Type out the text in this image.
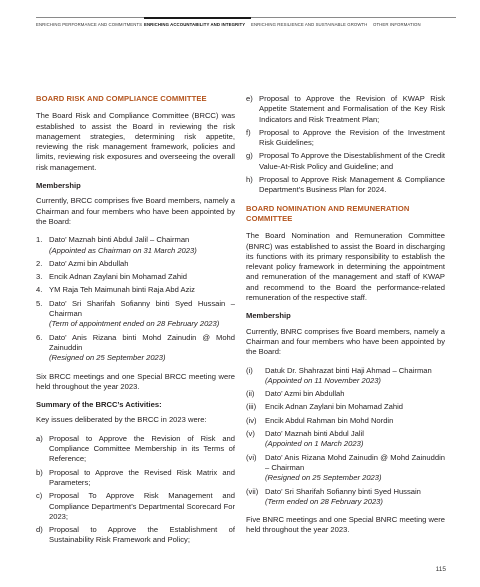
ENRICHING PERFORMANCE AND COMMITMENTS ENRICHING ACCOUNTABILITY AND INTEGRITY	ENRICHING RESILIENCE AND SUSTAINABLE GROWTH	OTHER INFORMATION
BOARD RISK AND COMPLIANCE COMMITTEE
The Board Risk and Compliance Committee (BRCC) was established to assist the Board in reviewing the risk management strategies, determining risk appetite, reviewing the risk management framework, policies and limits, reviewing risk exposures and overseeing the overall risk management.
Membership
Currently, BRCC comprises five Board members, namely a Chairman and four members who have been appointed by the Board:
1. Dato’ Maznah binti Abdul Jalil – Chairman
(Appointed as Chairman on 31 March 2023)
2. Dato’ Azmi bin Abdullah
3. Encik Adnan Zaylani bin Mohamad Zahid
4. YM Raja Teh Maimunah binti Raja Abd Aziz
5. Dato’ Sri Sharifah Sofianny binti Syed Hussain – Chairman
(Term of appointment ended on 28 February 2023)
6. Dato’ Anis Rizana binti Mohd Zainudin @ Mohd Zainuddin
(Resigned on 25 September 2023)
Six BRCC meetings and one Special BRCC meeting were held throughout the year 2023.
Summary of the BRCC’s Activities:
Key issues deliberated by the BRCC in 2023 were:
a) Proposal to Approve the Revision of Risk and Compliance Committee Membership in its Terms of Reference;
b) Proposal to Approve the Revised Risk Matrix and Parameters;
c) Proposal To Approve Risk Management and Compliance Department’s Departmental Scorecard For 2023;
d) Proposal to Approve the Establishment of Sustainability Risk Framework and Policy;
e) Proposal to Approve the Revision of KWAP Risk Appetite Statement and Formalisation of the Key Risk Indicators and Risk Treatment Plan;
f)	Proposal to Approve the Revision of the Investment Risk Guidelines;
g) Proposal To Approve the Disestablishment of the Credit Value-At-Risk Policy and Guideline; and
h) Proposal to Approve Risk Management & Compliance Department’s Business Plan for 2024.
BOARD NOMINATION AND REMUNERATION COMMITTEE
The Board Nomination and Remuneration Committee (BNRC) was established to assist the Board in discharging its functions with its primary responsibility to establish the relevant policy framework in determining the appointment and remuneration of the management and staff of KWAP and recommend to the Board the performance-related remuneration of the respective staff.
Membership
Currently, BNRC comprises five Board members, namely a Chairman and four members who have been appointed by the Board:
(i)	Datuk Dr. Shahrazat binti Haji Ahmad – Chairman
(Appointed on 11 November 2023)
(ii)	Dato’ Azmi bin Abdullah
(iii)	Encik Adnan Zaylani bin Mohamad Zahid
(iv)	Encik Abdul Rahman bin Mohd Nordin
(v)	Dato’ Maznah binti Abdul Jalil
(Appointed on 1 March 2023)
(vi)	Dato’ Anis Rizana Mohd Zainudin @ Mohd Zainuddin – Chairman
(Resigned on 25 September 2023)
(vii) Dato’ Sri Sharifah Sofianny binti Syed Hussain
(Term ended on 28 February 2023)
Five BNRC meetings and one Special BNRC meeting were held throughout the year 2023.
115
